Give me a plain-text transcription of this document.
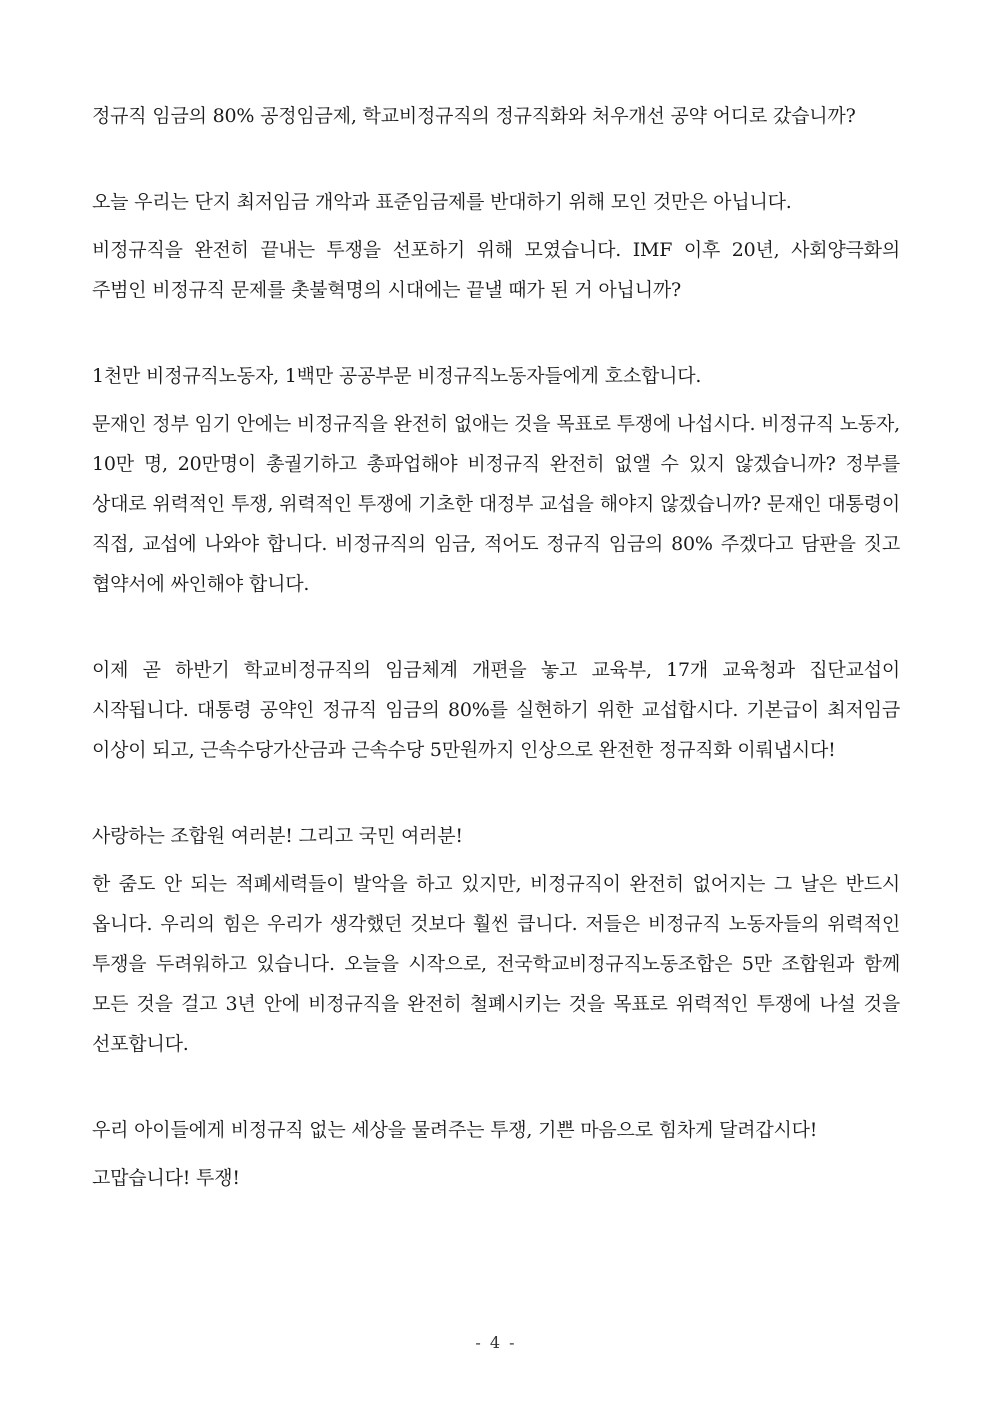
정규직 임금의 80% 공정임금제, 학교비정규직의 정규직화와 처우개선 공약 어디로 갔습니까?

오늘 우리는 단지 최저임금 개악과 표준임금제를 반대하기 위해 모인 것만은 아닙니다.

비정규직을 완전히 끝내는 투쟁을 선포하기 위해 모였습니다. IMF 이후 20년, 사회양극화의 주범인 비정규직 문제를 촛불혁명의 시대에는 끝낼 때가 된 거 아닙니까?

1천만 비정규직노동자, 1백만 공공부문 비정규직노동자들에게 호소합니다.

문재인 정부 임기 안에는 비정규직을 완전히 없애는 것을 목표로 투쟁에 나섭시다. 비정규직 노동자, 10만 명, 20만명이 총궐기하고 총파업해야 비정규직 완전히 없앨 수 있지 않겠습니까? 정부를 상대로 위력적인 투쟁, 위력적인 투쟁에 기초한 대정부 교섭을 해야지 않겠습니까? 문재인 대통령이 직접, 교섭에 나와야 합니다. 비정규직의 임금, 적어도 정규직 임금의 80% 주겠다고 담판을 짓고 협약서에 싸인해야 합니다.

이제 곧 하반기 학교비정규직의 임금체계 개편을 놓고 교육부, 17개 교육청과 집단교섭이 시작됩니다. 대통령 공약인 정규직 임금의 80%를 실현하기 위한 교섭합시다. 기본급이 최저임금 이상이 되고, 근속수당가산금과 근속수당 5만원까지 인상으로 완전한 정규직화 이뤄냅시다!

사랑하는 조합원 여러분! 그리고 국민 여러분!

한 줌도 안 되는 적폐세력들이 발악을 하고 있지만, 비정규직이 완전히 없어지는 그 날은 반드시 옵니다. 우리의 힘은 우리가 생각했던 것보다 훨씬 큽니다. 저들은 비정규직 노동자들의 위력적인 투쟁을 두려워하고 있습니다. 오늘을 시작으로, 전국학교비정규직노동조합은 5만 조합원과 함께 모든 것을 걸고 3년 안에 비정규직을 완전히 철폐시키는 것을 목표로 위력적인 투쟁에 나설 것을 선포합니다.

우리 아이들에게 비정규직 없는 세상을 물려주는 투쟁, 기쁜 마음으로 힘차게 달려갑시다!

고맙습니다! 투쟁!

- 4 -
